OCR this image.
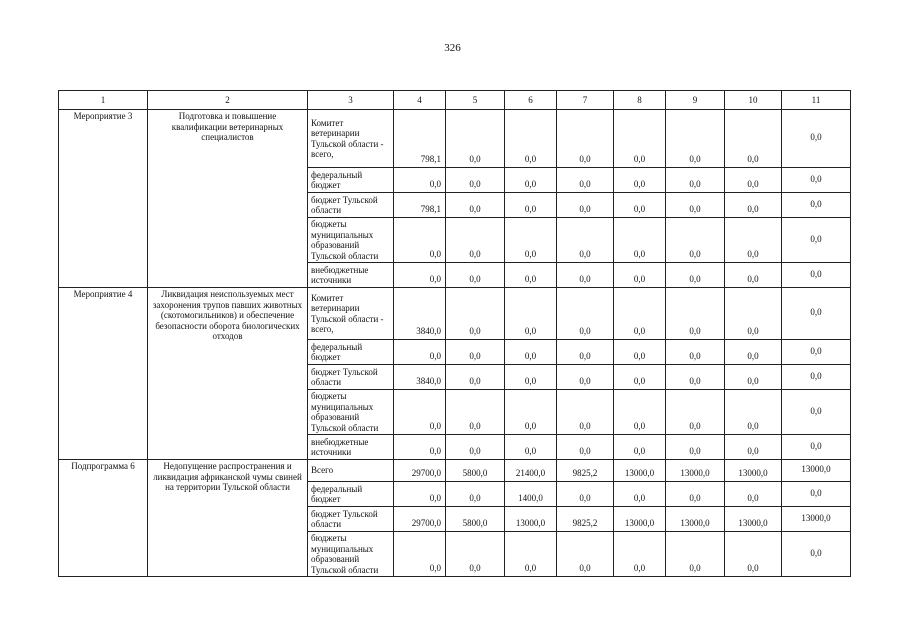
326
1	2	3	4	5	6	7	8	9	10	11
Мероприятие 3	Подготовка и повышение квалификации ветеринарных специалистов	Комитет ветеринарии Тульской области - всего,	798,1	0,0	0,0	0,0	0,0	0,0	0,0	0,0
		федеральный бюджет	0,0	0,0	0,0	0,0	0,0	0,0	0,0	0,0
		бюджет Тульской области	798,1	0,0	0,0	0,0	0,0	0,0	0,0	0,0
		бюджеты муниципальных образований Тульской области	0,0	0,0	0,0	0,0	0,0	0,0	0,0	0,0
		внебюджетные источники	0,0	0,0	0,0	0,0	0,0	0,0	0,0	0,0
Мероприятие 4	Ликвидация неиспользуемых мест захоронения трупов павших животных (скотомогильников) и обеспечение безопасности оборота биологических отходов	Комитет ветеринарии Тульской области - всего,	3840,0	0,0	0,0	0,0	0,0	0,0	0,0	0,0
		федеральный бюджет	0,0	0,0	0,0	0,0	0,0	0,0	0,0	0,0
		бюджет Тульской области	3840,0	0,0	0,0	0,0	0,0	0,0	0,0	0,0
		бюджеты муниципальных образований Тульской области	0,0	0,0	0,0	0,0	0,0	0,0	0,0	0,0
		внебюджетные источники	0,0	0,0	0,0	0,0	0,0	0,0	0,0	0,0
Подпрограмма 6	Недопущение распространения и ликвидация африканской чумы свиней на территории Тульской области	Всего	29700,0	5800,0	21400,0	9825,2	13000,0	13000,0	13000,0	13000,0
		федеральный бюджет	0,0	0,0	1400,0	0,0	0,0	0,0	0,0	0,0
		бюджет Тульской области	29700,0	5800,0	13000,0	9825,2	13000,0	13000,0	13000,0	13000,0
		бюджеты муниципальных образований Тульской области	0,0	0,0	0,0	0,0	0,0	0,0	0,0	0,0
